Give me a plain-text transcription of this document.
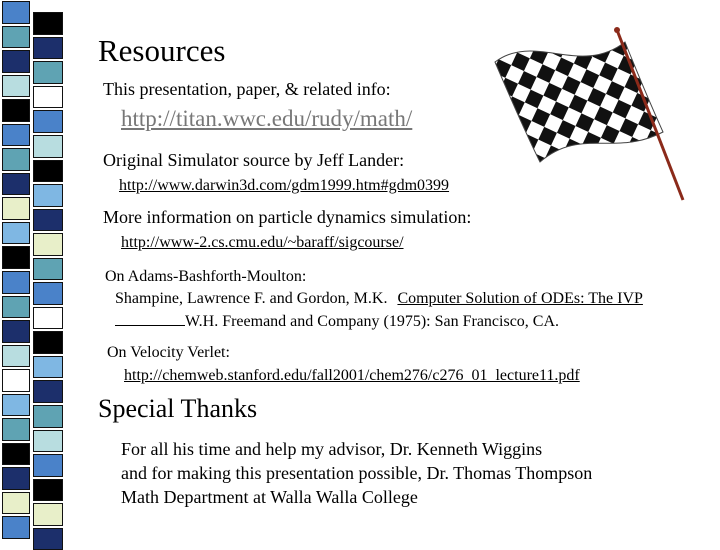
Resources
This presentation, paper, & related info:
http://titan.wwc.edu/rudy/math/
Original Simulator source by Jeff Lander:
http://www.darwin3d.com/gdm1999.htm#gdm0399
More information on particle dynamics simulation:
http://www-2.cs.cmu.edu/~baraff/sigcourse/
On Adams-Bashforth-Moulton:
Shampine, Lawrence F. and Gordon, M.K. Computer Solution of ODEs: The IVP
W.H. Freemand and Company (1975): San Francisco, CA.
On Velocity Verlet:
http://chemweb.stanford.edu/fall2001/chem276/c276_01_lecture11.pdf
Special Thanks
For all his time and help my advisor, Dr. Kenneth Wiggins
and for making this presentation possible, Dr. Thomas Thompson
Math Department at Walla Walla College
